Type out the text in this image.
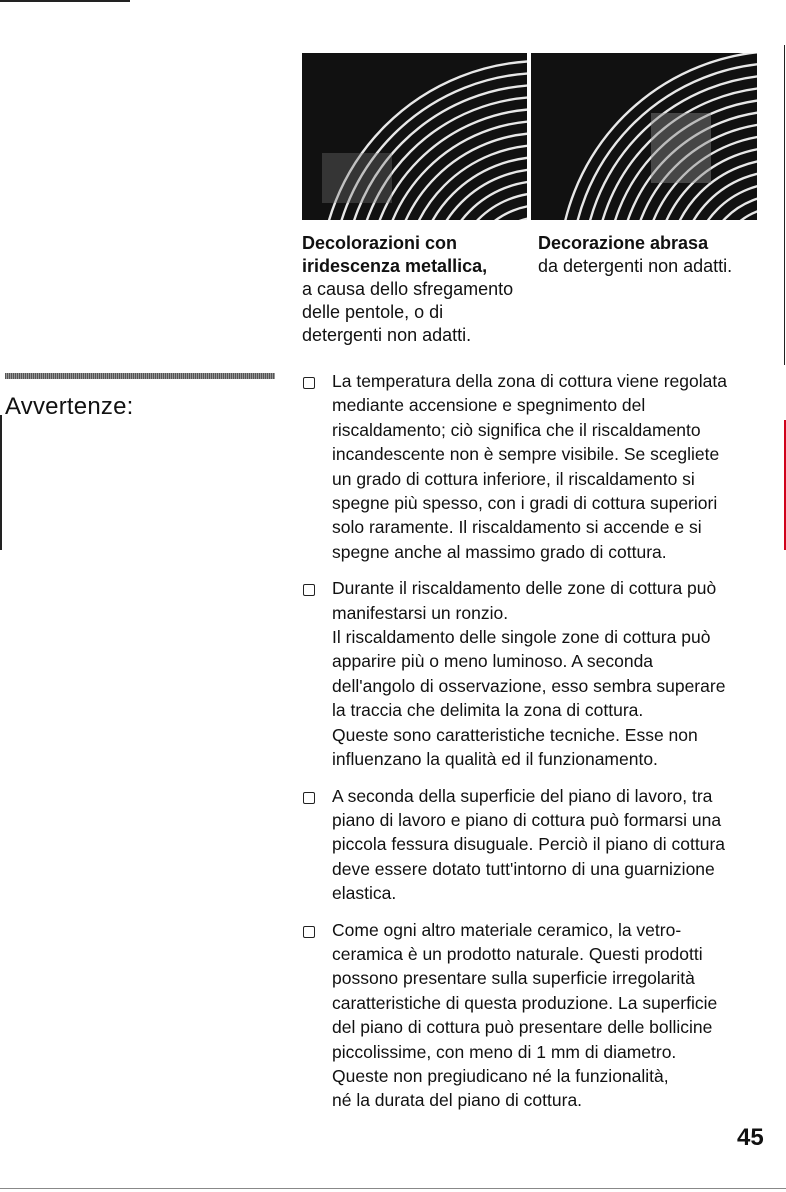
Decolorazioni con
iridescenza metallica,
a causa dello sfregamento
delle pentole, o di
detergenti non adatti.
Decorazione abrasa
da detergenti non adatti.
Avvertenze:
La temperatura della zona di cottura viene regolata
mediante accensione e spegnimento del
riscaldamento; ciò significa che il riscaldamento
incandescente non è sempre visibile. Se scegliete
un grado di cottura inferiore, il riscaldamento si
spegne più spesso, con i gradi di cottura superiori
solo raramente. Il riscaldamento si accende e si
spegne anche al massimo grado di cottura.
Durante il riscaldamento delle zone di cottura può
manifestarsi un ronzio.
Il riscaldamento delle singole zone di cottura può
apparire più o meno luminoso. A seconda
dell'angolo di osservazione, esso sembra superare
la traccia che delimita la zona di cottura.
Queste sono caratteristiche tecniche. Esse non
influenzano la qualità ed il funzionamento.
A seconda della superficie del piano di lavoro, tra
piano di lavoro e piano di cottura può formarsi una
piccola fessura disuguale. Perciò il piano di cottura
deve essere dotato tutt'intorno di una guarnizione
elastica.
Come ogni altro materiale ceramico, la vetro-
ceramica è un prodotto naturale. Questi prodotti
possono presentare sulla superficie irregolarità
caratteristiche di questa produzione. La superficie
del piano di cottura può presentare delle bollicine
piccolissime, con meno di 1 mm di diametro.
Queste non pregiudicano né la funzionalità,
né la durata del piano di cottura.
45
